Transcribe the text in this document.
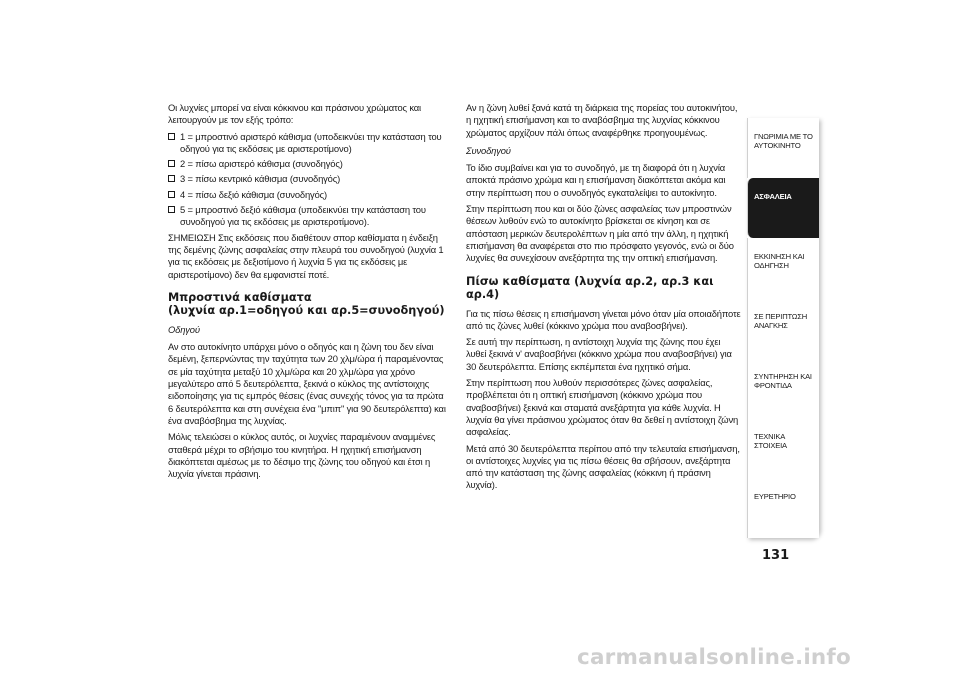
Οι λυχνίες μπορεί να είναι κόκκινου και πράσινου χρώματος και λειτουργούν με τον εξής τρόπο:

1 = μπροστινό αριστερό κάθισμα (υποδεικνύει την κατάσταση του οδηγού για τις εκδόσεις με αριστεροτίμονο)
2 = πίσω αριστερό κάθισμα (συνοδηγός)
3 = πίσω κεντρικό κάθισμα (συνοδηγός)
4 = πίσω δεξιό κάθισμα (συνοδηγός)
5 = μπροστινό δεξιό κάθισμα (υποδεικνύει την κατάσταση του συνοδηγού για τις εκδόσεις με αριστεροτίμονο).

ΣΗΜΕΙΩΣΗ Στις εκδόσεις που διαθέτουν σπορ καθίσματα η ένδειξη της δεμένης ζώνης ασφαλείας στην πλευρά του συνοδηγού (λυχνία 1 για τις εκδόσεις με δεξιοτίμονο ή λυχνία 5 για τις εκδόσεις με αριστεροτίμονο) δεν θα εμφανιστεί ποτέ.

Μπροστινά καθίσματα
(λυχνία αρ.1=οδηγού και αρ.5=συνοδηγού)

Οδηγού

Αν στο αυτοκίνητο υπάρχει μόνο ο οδηγός και η ζώνη του δεν είναι δεμένη, ξεπερνώντας την ταχύτητα των 20 χλμ/ώρα ή παραμένοντας σε μία ταχύτητα μεταξύ 10 χλμ/ώρα και 20 χλμ/ώρα για χρόνο μεγαλύτερο από 5 δευτερόλεπτα, ξεκινά ο κύκλος της αντίστοιχης ειδοποίησης για τις εμπρός θέσεις (ένας συνεχής τόνος για τα πρώτα 6 δευτερόλεπτα και στη συνέχεια ένα "μπιπ" για 90 δευτερόλεπτα) και ένα αναβόσβημα της λυχνίας.

Μόλις τελειώσει ο κύκλος αυτός, οι λυχνίες παραμένουν αναμμένες σταθερά μέχρι το σβήσιμο του κινητήρα. Η ηχητική επισήμανση διακόπτεται αμέσως με το δέσιμο της ζώνης του οδηγού και έτσι η λυχνία γίνεται πράσινη.

Αν η ζώνη λυθεί ξανά κατά τη διάρκεια της πορείας του αυτοκινήτου, η ηχητική επισήμανση και το αναβόσβημα της λυχνίας κόκκινου χρώματος αρχίζουν πάλι όπως αναφέρθηκε προηγουμένως.

Συνοδηγού

Το ίδιο συμβαίνει και για το συνοδηγό, με τη διαφορά ότι η λυχνία αποκτά πράσινο χρώμα και η επισήμανση διακόπτεται ακόμα και στην περίπτωση που ο συνοδηγός εγκαταλείψει το αυτοκίνητο.

Στην περίπτωση που και οι δύο ζώνες ασφαλείας των μπροστινών θέσεων λυθούν ενώ το αυτοκίνητο βρίσκεται σε κίνηση και σε απόσταση μερικών δευτερολέπτων η μία από την άλλη, η ηχητική επισήμανση θα αναφέρεται στο πιο πρόσφατο γεγονός, ενώ οι δύο λυχνίες θα συνεχίσουν ανεξάρτητα της την οπτική επισήμανση.

Πίσω καθίσματα (λυχνία αρ.2, αρ.3 και αρ.4)

Για τις πίσω θέσεις η επισήμανση γίνεται μόνο όταν μία οποιαδήποτε από τις ζώνες λυθεί (κόκκινο χρώμα που αναβοσβήνει).

Σε αυτή την περίπτωση, η αντίστοιχη λυχνία της ζώνης που έχει λυθεί ξεκινά ν' αναβοσβήνει (κόκκινο χρώμα που αναβοσβήνει) για 30 δευτερόλεπτα. Επίσης εκπέμπεται ένα ηχητικό σήμα.

Στην περίπτωση που λυθούν περισσότερες ζώνες ασφαλείας, προβλέπεται ότι η οπτική επισήμανση (κόκκινο χρώμα που αναβοσβήνει) ξεκινά και σταματά ανεξάρτητα για κάθε λυχνία. Η λυχνία θα γίνει πράσινου χρώματος όταν θα δεθεί η αντίστοιχη ζώνη ασφαλείας.

Μετά από 30 δευτερόλεπτα περίπου από την τελευταία επισήμανση, οι αντίστοιχες λυχνίες για τις πίσω θέσεις θα σβήσουν, ανεξάρτητα από την κατάσταση της ζώνης ασφαλείας (κόκκινη ή πράσινη λυχνία).

ΓΝΩΡΙΜΙΑ ΜΕ ΤΟ ΑΥΤΟΚΙΝΗΤΟ
ΑΣΦΑΛΕΙΑ
ΕΚΚΙΝΗΣΗ ΚΑΙ ΟΔΗΓΗΣΗ
ΣΕ ΠΕΡΙΠΤΩΣΗ ΑΝΑΓΚΗΣ
ΣΥΝΤΗΡΗΣΗ ΚΑΙ ΦΡΟΝΤΙΔΑ
ΤΕΧΝΙΚΑ ΣΤΟΙΧΕΙΑ
ΕΥΡΕΤΗΡΙΟ
131
carmanualsonline.info
